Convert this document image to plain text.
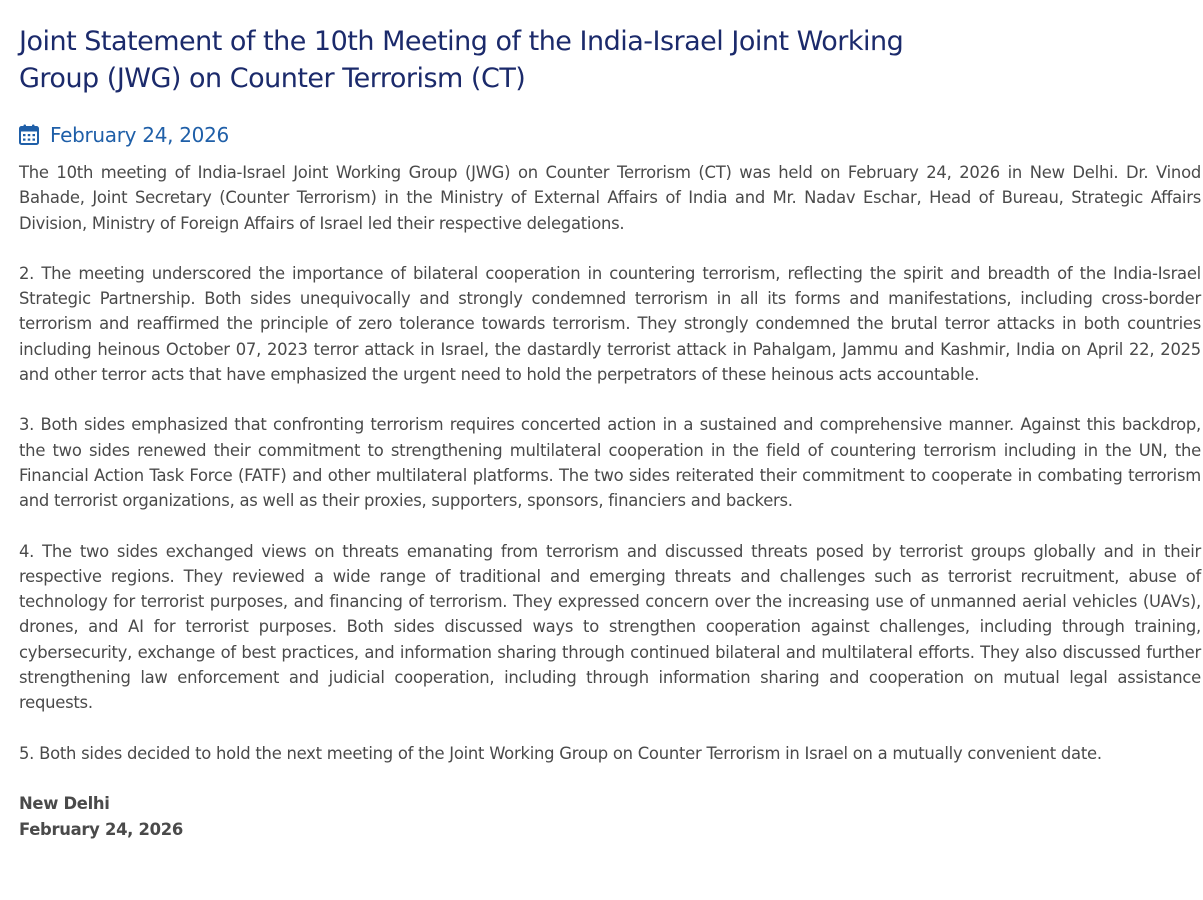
Joint Statement of the 10th Meeting of the India-Israel Joint Working Group (JWG) on Counter Terrorism (CT)
February 24, 2026

The 10th meeting of India-Israel Joint Working Group (JWG) on Counter Terrorism (CT) was held on February 24, 2026 in New Delhi. Dr. Vinod Bahade, Joint Secretary (Counter Terrorism) in the Ministry of External Affairs of India and Mr. Nadav Eschar, Head of Bureau, Strategic Affairs Division, Ministry of Foreign Affairs of Israel led their respective delegations.

2. The meeting underscored the importance of bilateral cooperation in countering terrorism, reflecting the spirit and breadth of the India-Israel Strategic Partnership. Both sides unequivocally and strongly condemned terrorism in all its forms and manifestations, including cross-border terrorism and reaffirmed the principle of zero tolerance towards terrorism. They strongly condemned the brutal terror attacks in both countries including heinous October 07, 2023 terror attack in Israel, the dastardly terrorist attack in Pahalgam, Jammu and Kashmir, India on April 22, 2025 and other terror acts that have emphasized the urgent need to hold the perpetrators of these heinous acts accountable.

3. Both sides emphasized that confronting terrorism requires concerted action in a sustained and comprehensive manner. Against this backdrop, the two sides renewed their commitment to strengthening multilateral cooperation in the field of countering terrorism including in the UN, the Financial Action Task Force (FATF) and other multilateral platforms. The two sides reiterated their commitment to cooperate in combating terrorism and terrorist organizations, as well as their proxies, supporters, sponsors, financiers and backers.

4. The two sides exchanged views on threats emanating from terrorism and discussed threats posed by terrorist groups globally and in their respective regions. They reviewed a wide range of traditional and emerging threats and challenges such as terrorist recruitment, abuse of technology for terrorist purposes, and financing of terrorism. They expressed concern over the increasing use of unmanned aerial vehicles (UAVs), drones, and AI for terrorist purposes. Both sides discussed ways to strengthen cooperation against challenges, including through training, cybersecurity, exchange of best practices, and information sharing through continued bilateral and multilateral efforts. They also discussed further strengthening law enforcement and judicial cooperation, including through information sharing and cooperation on mutual legal assistance requests.

5. Both sides decided to hold the next meeting of the Joint Working Group on Counter Terrorism in Israel on a mutually convenient date.

New Delhi
February 24, 2026
